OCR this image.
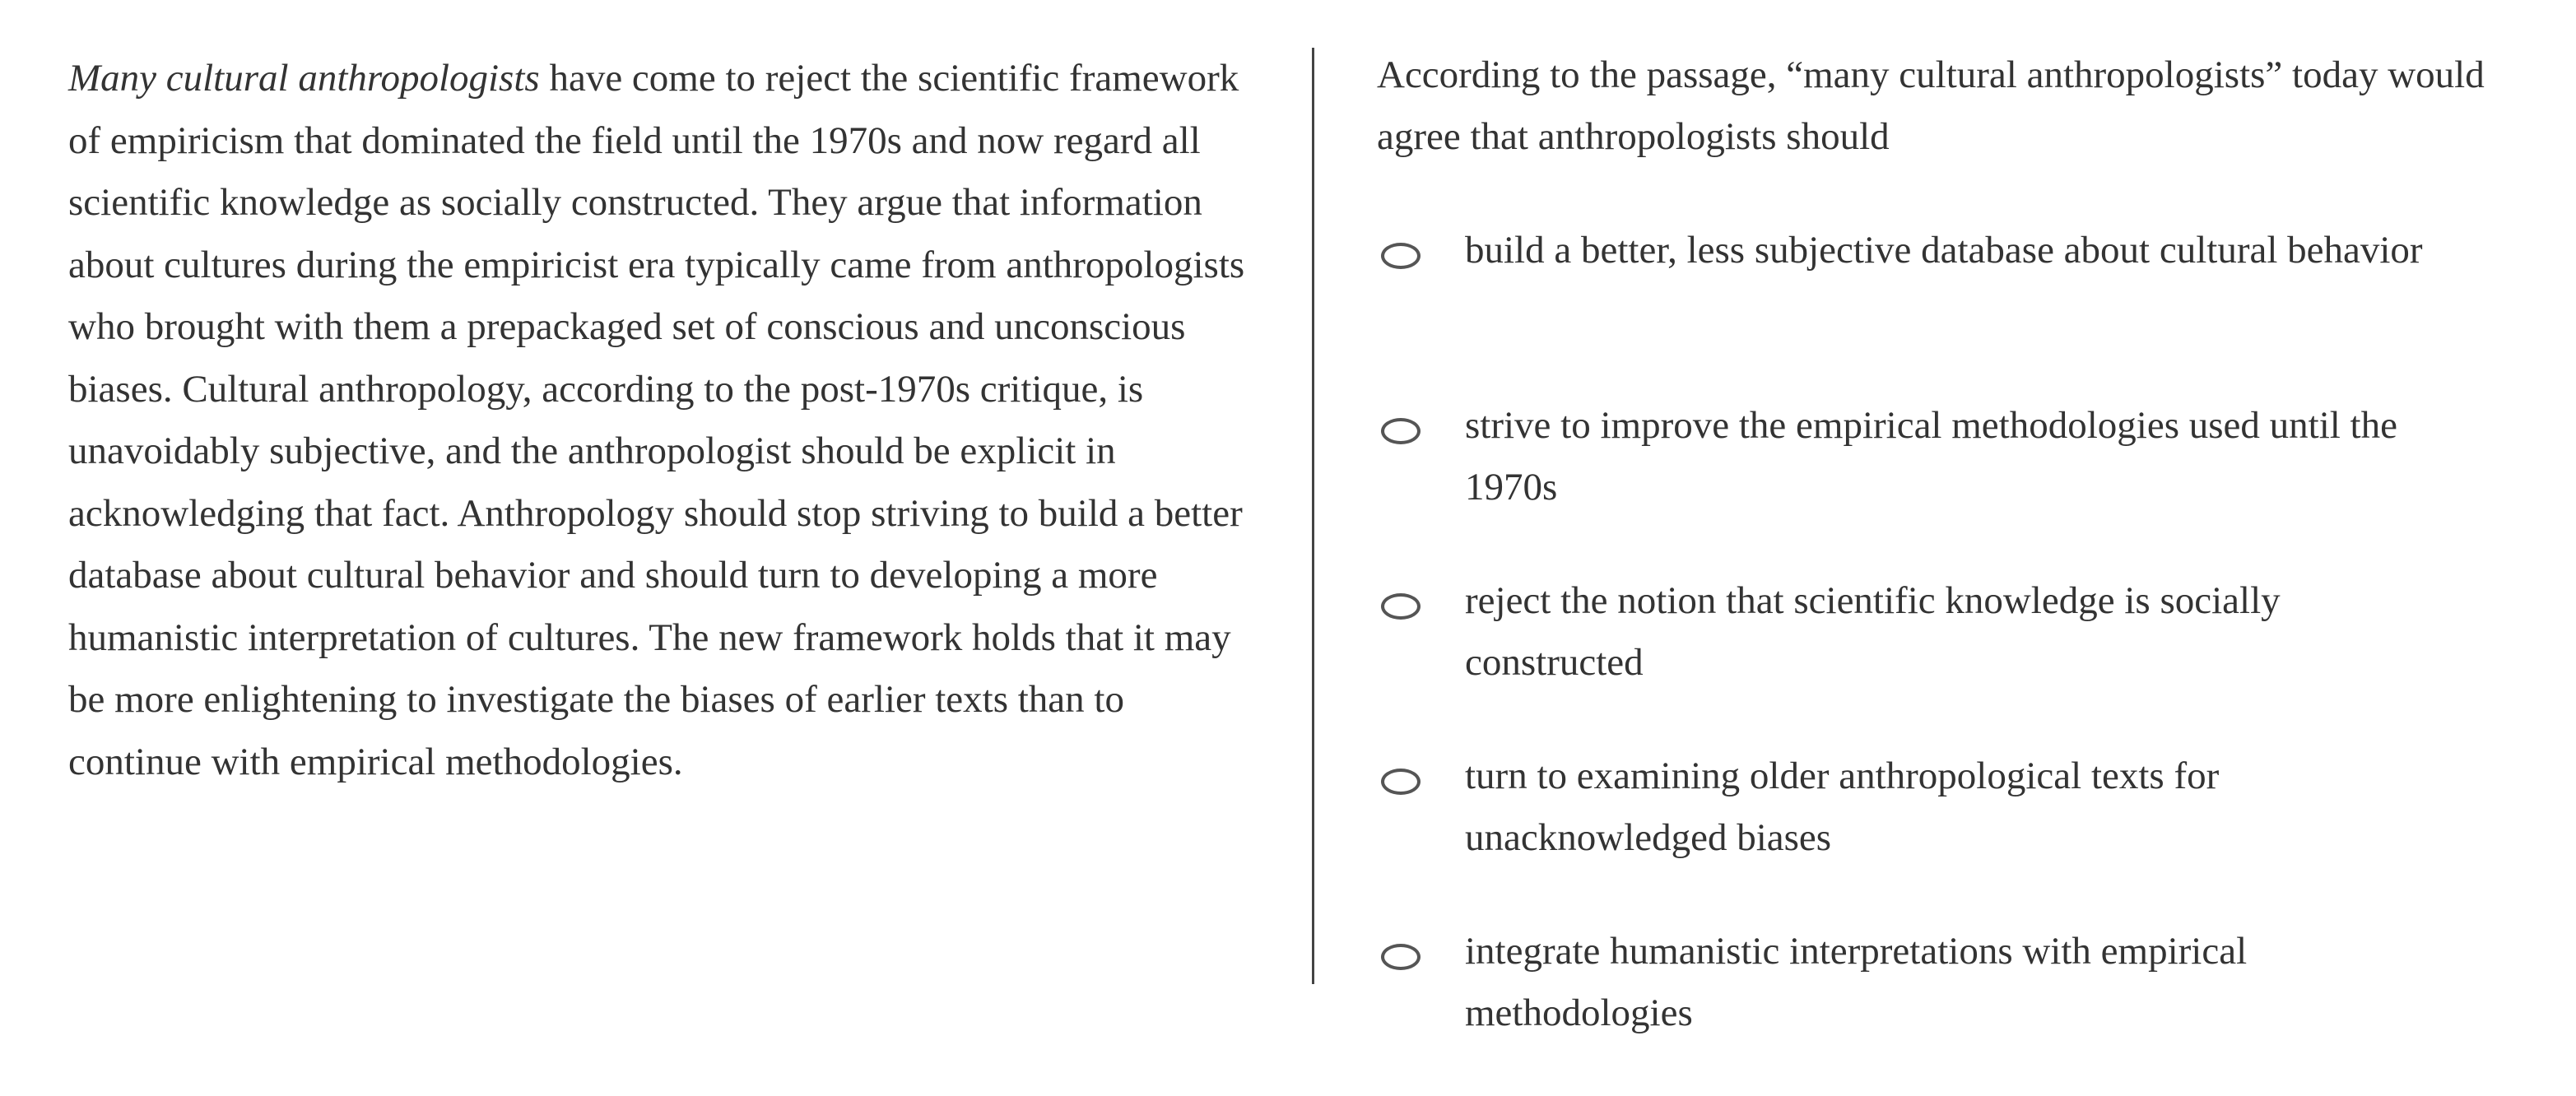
Many cultural anthropologists have come to reject the scientific framework of empiricism that dominated the field until the 1970s and now regard all scientific knowledge as socially constructed. They argue that information about cultures during the empiricist era typically came from anthropologists who brought with them a prepackaged set of conscious and unconscious biases. Cultural anthropology, according to the post-1970s critique, is unavoidably subjective, and the anthropologist should be explicit in acknowledging that fact. Anthropology should stop striving to build a better database about cultural behavior and should turn to developing a more humanistic interpretation of cultures. The new framework holds that it may be more enlightening to investigate the biases of earlier texts than to continue with empirical methodologies.
According to the passage, “many cultural anthropologists” today would agree that anthropologists should
build a better, less subjective database about cultural behavior
strive to improve the empirical methodologies used until the 1970s
reject the notion that scientific knowledge is socially constructed
turn to examining older anthropological texts for unacknowledged biases
integrate humanistic interpretations with empirical methodologies
